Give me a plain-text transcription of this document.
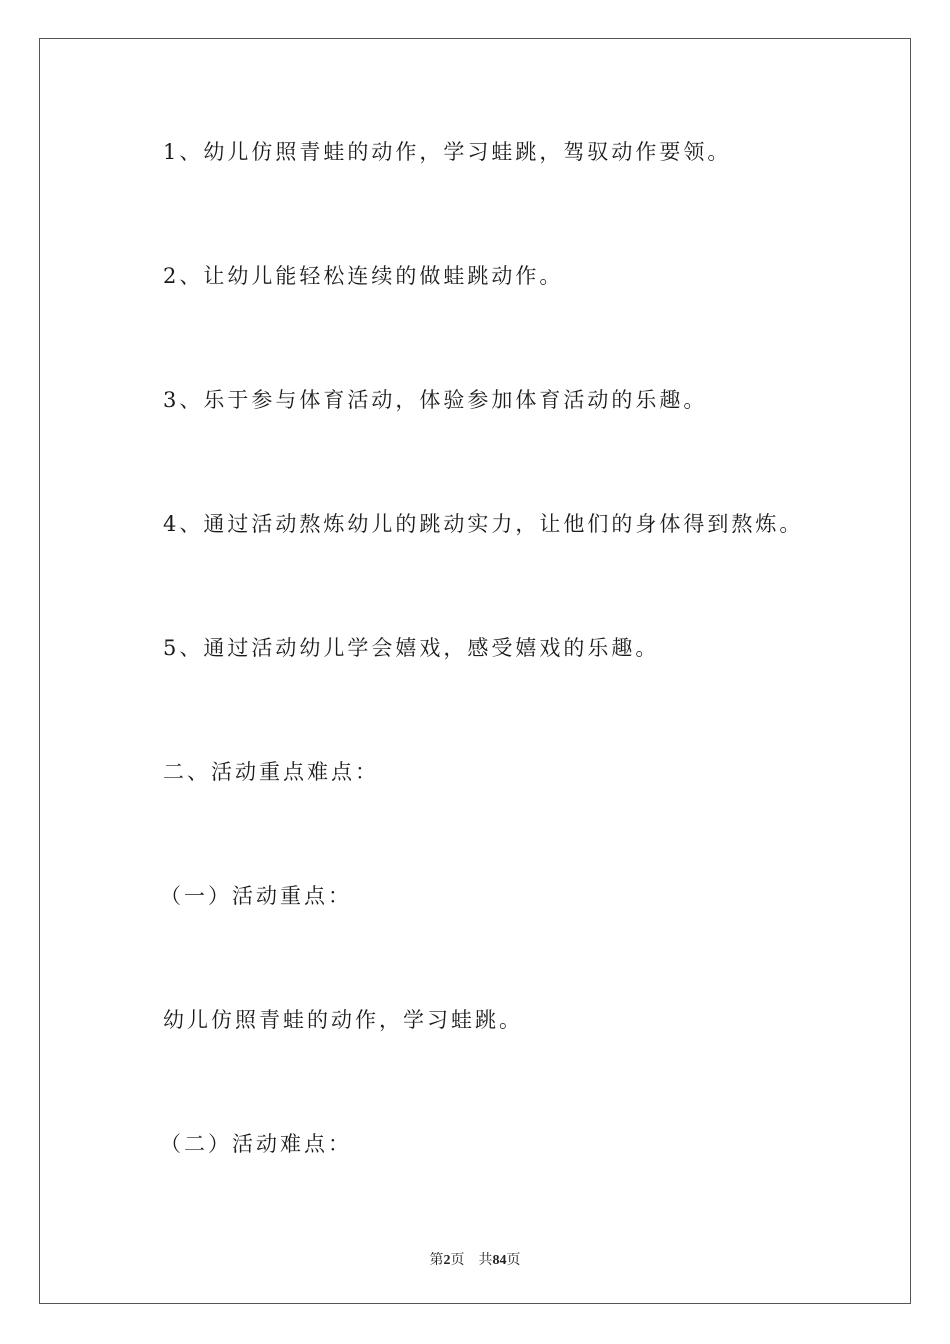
1、幼儿仿照青蛙的动作，学习蛙跳，驾驭动作要领。
2、让幼儿能轻松连续的做蛙跳动作。
3、乐于参与体育活动，体验参加体育活动的乐趣。
4、通过活动熬炼幼儿的跳动实力，让他们的身体得到熬炼。
5、通过活动幼儿学会嬉戏，感受嬉戏的乐趣。
二、活动重点难点：
（一）活动重点：
幼儿仿照青蛙的动作，学习蛙跳。
（二）活动难点：
第2页 共84页
